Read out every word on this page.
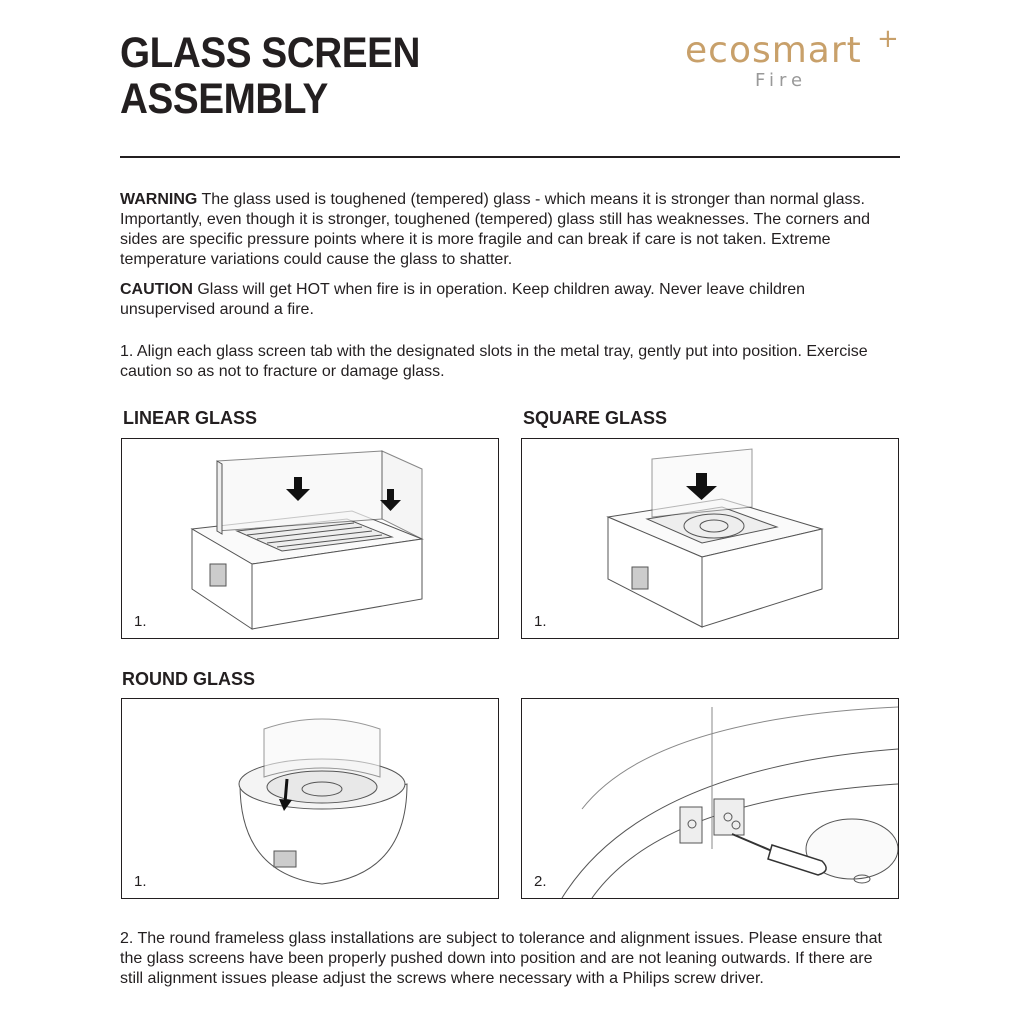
GLASS SCREEN
ASSEMBLY
ecosmart +
Fire

WARNING The glass used is toughened (tempered) glass - which means it is stronger than normal glass. Importantly, even though it is stronger, toughened (tempered) glass still has weaknesses. The corners and sides are specific pressure points where it is more fragile and can break if care is not taken. Extreme temperature variations could cause the glass to shatter.

CAUTION Glass will get HOT when fire is in operation. Keep children away. Never leave children unsupervised around a fire.

1. Align each glass screen tab with the designated slots in the metal tray, gently put into position. Exercise caution so as not to fracture or damage glass.

LINEAR GLASS	SQUARE GLASS
ROUND GLASS
1.	1.
1.	2.

2. The round frameless glass installations are subject to tolerance and alignment issues. Please ensure that the glass screens have been properly pushed down into position and are not leaning outwards. If there are still alignment issues please adjust the screws where necessary with a Philips screw driver.
